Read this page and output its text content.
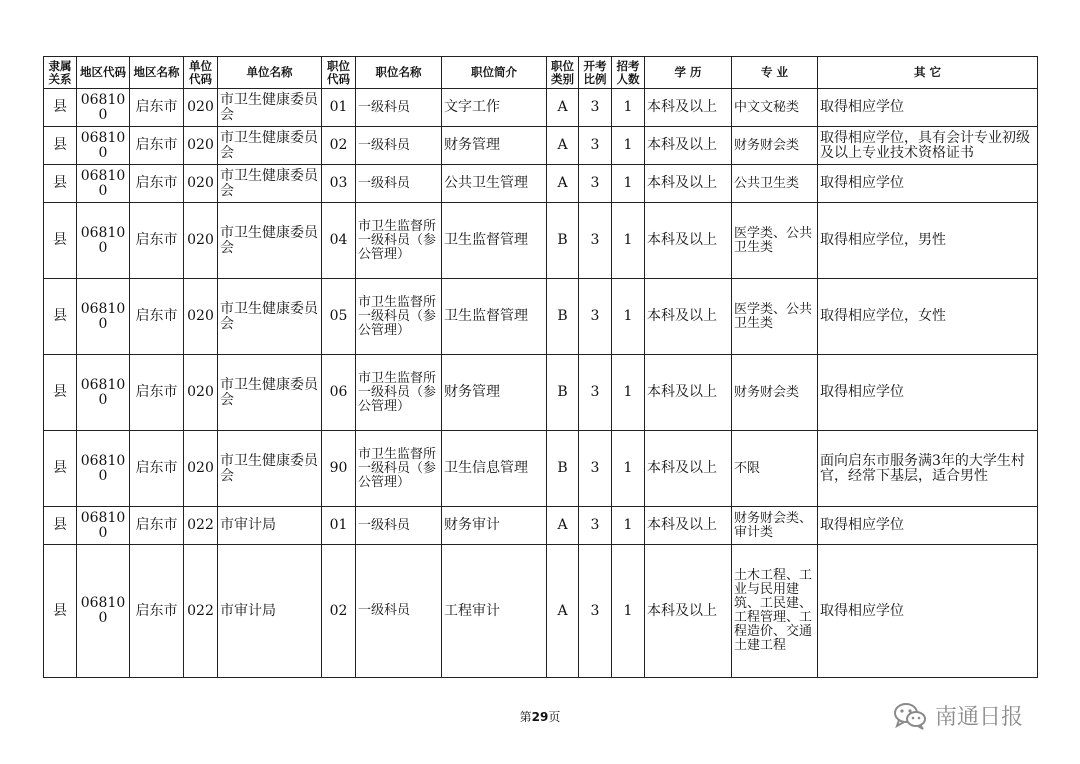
隶属关系	地区代码	地区名称	单位代码	单位名称	职位代码	职位名称	职位简介	职位类别	开考比例	招考人数	学 历	专 业	其 它
县	068100	启东市	020	市卫生健康委员会	01	一级科员	文字工作	A	3	1	本科及以上	中文文秘类	取得相应学位
县	068100	启东市	020	市卫生健康委员会	02	一级科员	财务管理	A	3	1	本科及以上	财务财会类	取得相应学位，具有会计专业初级及以上专业技术资格证书
县	068100	启东市	020	市卫生健康委员会	03	一级科员	公共卫生管理	A	3	1	本科及以上	公共卫生类	取得相应学位
县	068100	启东市	020	市卫生健康委员会	04	市卫生监督所一级科员（参公管理）	卫生监督管理	B	3	1	本科及以上	医学类、公共卫生类	取得相应学位，男性
县	068100	启东市	020	市卫生健康委员会	05	市卫生监督所一级科员（参公管理）	卫生监督管理	B	3	1	本科及以上	医学类、公共卫生类	取得相应学位，女性
县	068100	启东市	020	市卫生健康委员会	06	市卫生监督所一级科员（参公管理）	财务管理	B	3	1	本科及以上	财务财会类	取得相应学位
县	068100	启东市	020	市卫生健康委员会	90	市卫生监督所一级科员（参公管理）	卫生信息管理	B	3	1	本科及以上	不限	面向启东市服务满3年的大学生村官，经常下基层，适合男性
县	068100	启东市	022	市审计局	01	一级科员	财务审计	A	3	1	本科及以上	财务财会类、审计类	取得相应学位
县	068100	启东市	022	市审计局	02	一级科员	工程审计	A	3	1	本科及以上	土木工程、工业与民用建筑、工民建、工程管理、工程造价、交通土建工程	取得相应学位
第29页	南通日报
